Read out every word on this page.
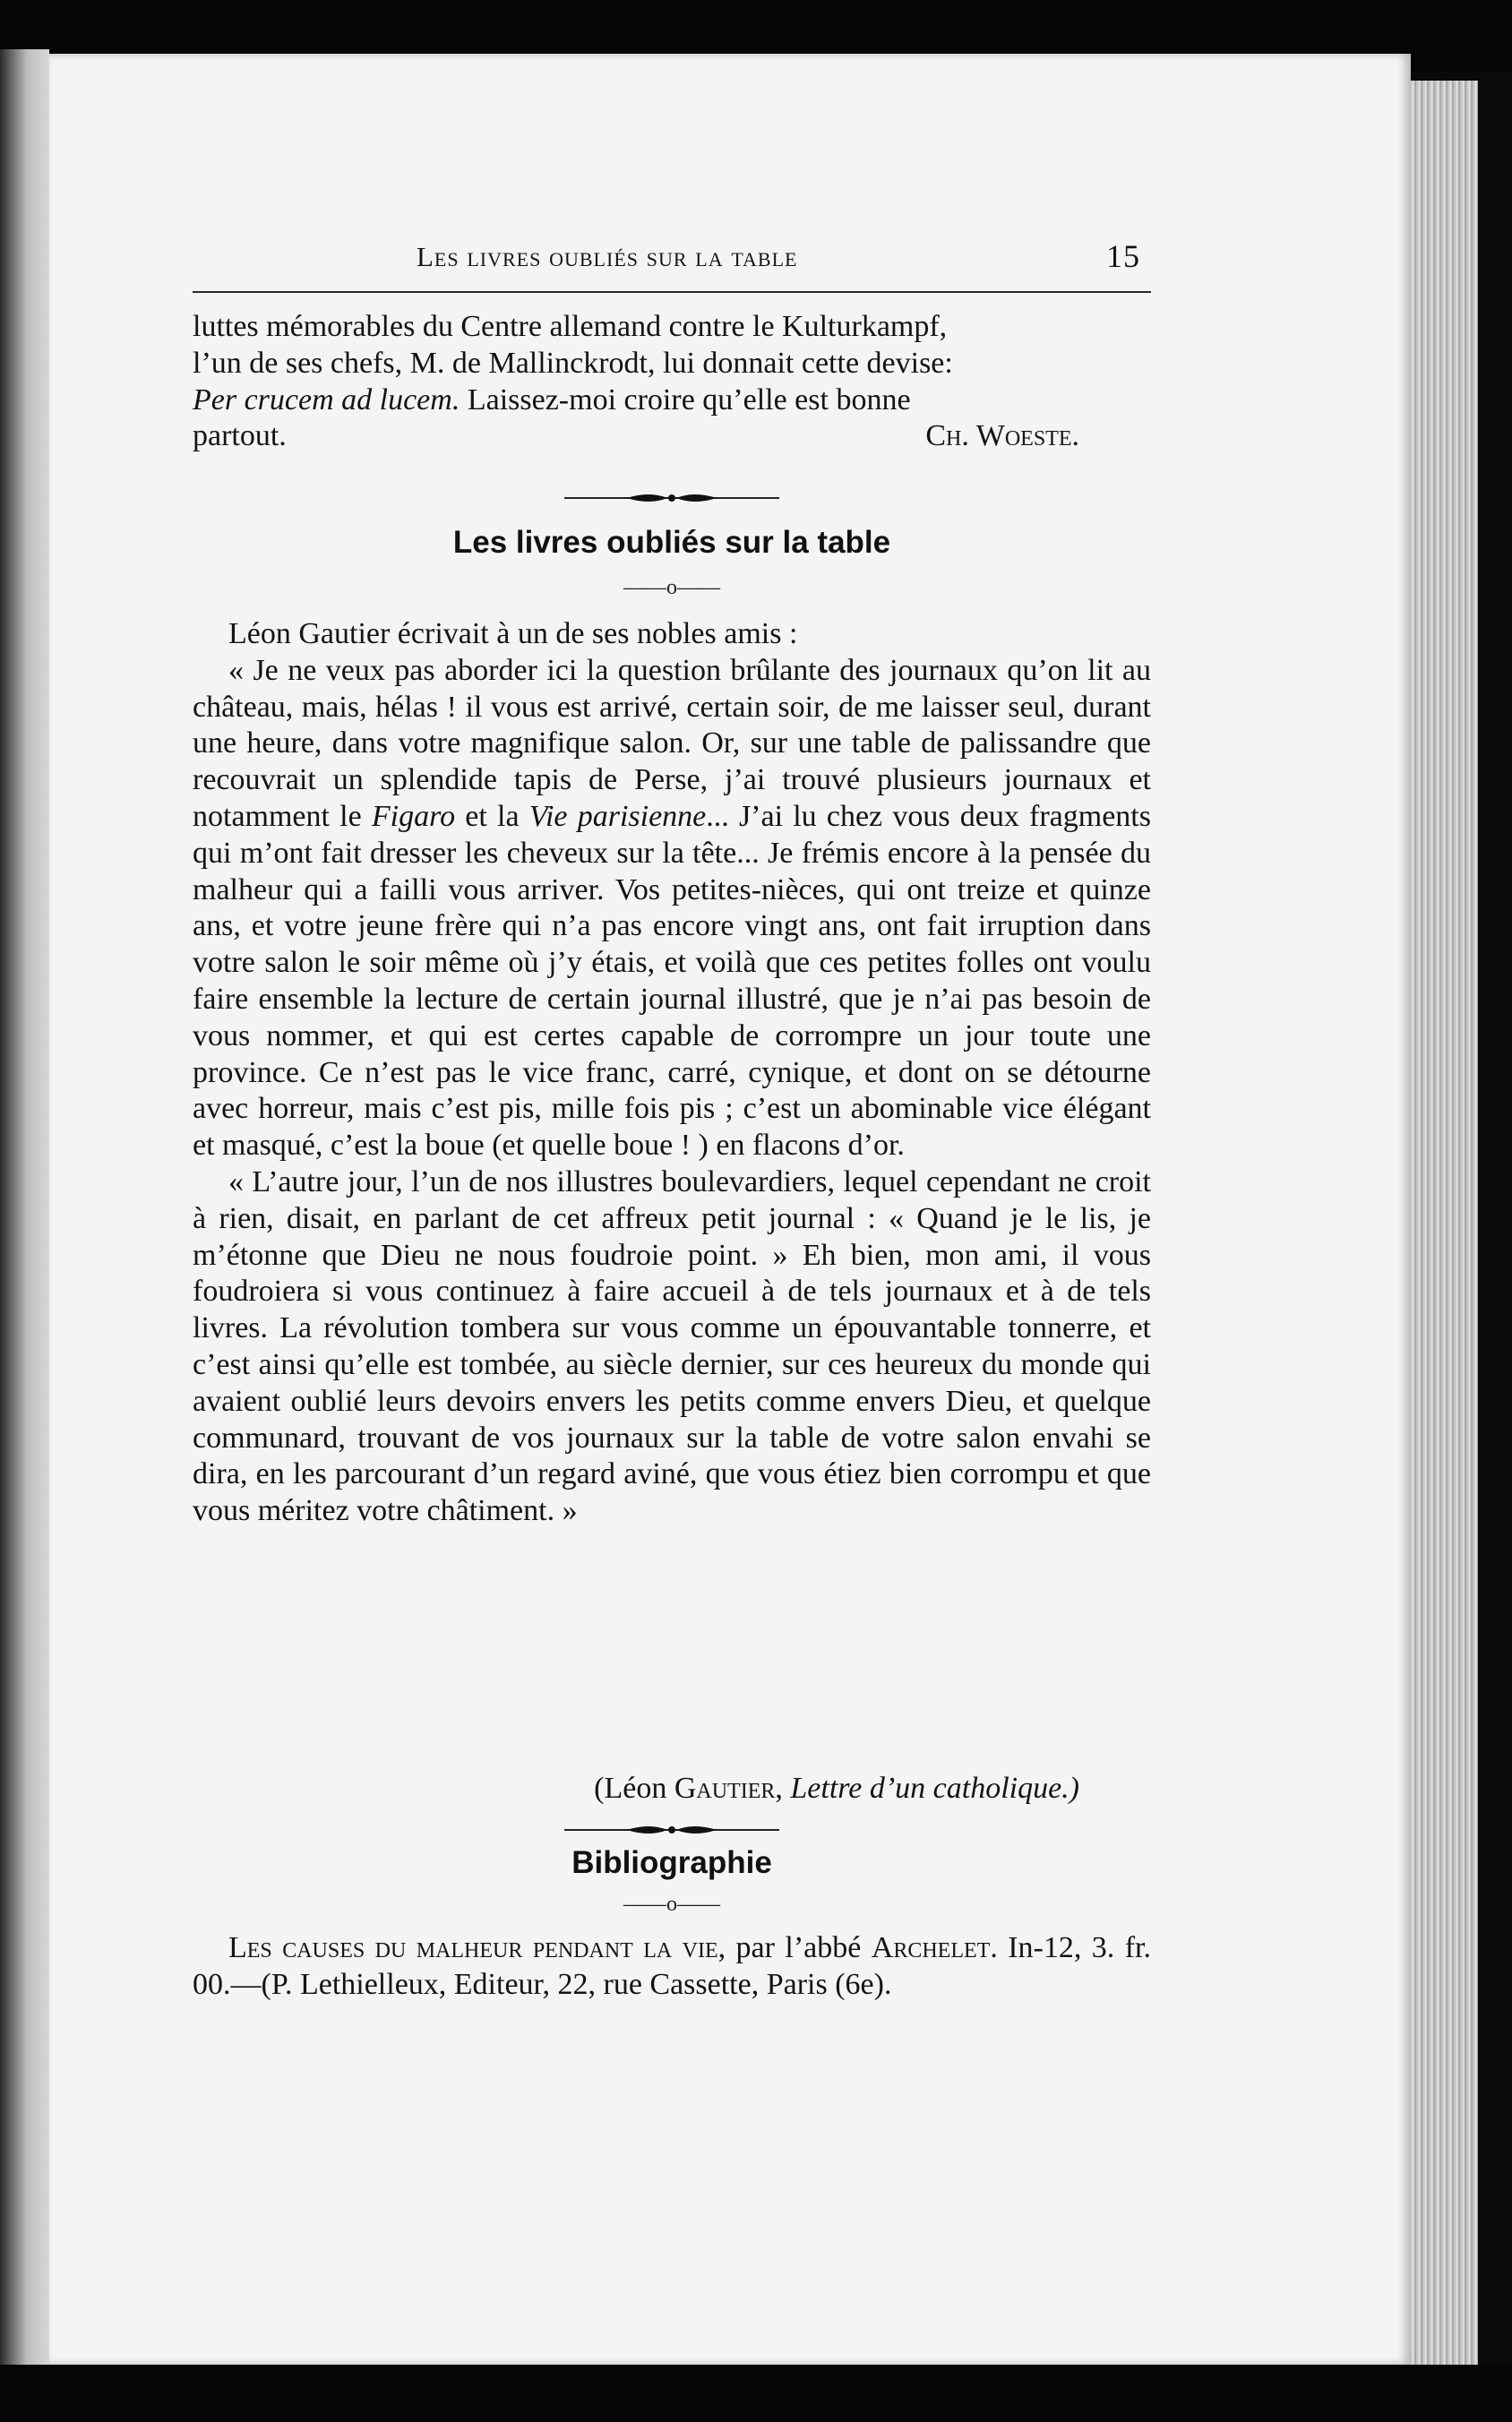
Les livres oubliés sur la table	15

luttes mémorables du Centre allemand contre le Kulturkampf,

l’un de ses chefs, M. de Mallinckrodt, lui donnait cette devise:

Per crucem ad lucem. Laissez-moi croire qu’elle est bonne

partout.	Ch. Woeste.

Les livres oubliés sur la table
——o——

Léon Gautier écrivait à un de ses nobles amis :

« Je ne veux pas aborder ici la question brûlante des journaux qu’on lit au château, mais, hélas ! il vous est arrivé, certain soir, de me laisser seul, durant une heure, dans votre magnifique salon. Or, sur une table de palissandre que recouvrait un splendide tapis de Perse, j’ai trouvé plusieurs journaux et notamment le Figaro et la Vie parisienne... J’ai lu chez vous deux fragments qui m’ont fait dresser les cheveux sur la tête... Je frémis encore à la pensée du malheur qui a failli vous arriver. Vos petites-nièces, qui ont treize et quinze ans, et votre jeune frère qui n’a pas encore vingt ans, ont fait irruption dans votre salon le soir même où j’y étais, et voilà que ces petites folles ont voulu faire ensemble la lecture de certain journal illustré, que je n’ai pas besoin de vous nommer, et qui est certes capable de corrompre un jour toute une province. Ce n’est pas le vice franc, carré, cynique, et dont on se détourne avec horreur, mais c’est pis, mille fois pis ; c’est un abominable vice élégant et masqué, c’est la boue (et quelle boue ! ) en flacons d’or.

« L’autre jour, l’un de nos illustres boulevardiers, lequel cependant ne croit à rien, disait, en parlant de cet affreux petit journal : « Quand je le lis, je m’étonne que Dieu ne nous foudroie point. » Eh bien, mon ami, il vous foudroiera si vous continuez à faire accueil à de tels journaux et à de tels livres. La révolution tombera sur vous comme un épouvantable tonnerre, et c’est ainsi qu’elle est tombée, au siècle dernier, sur ces heureux du monde qui avaient oublié leurs devoirs envers les petits comme envers Dieu, et quelque communard, trouvant de vos journaux sur la table de votre salon envahi se dira, en les parcourant d’un regard aviné, que vous étiez bien corrompu et que vous méritez votre châtiment. »

(Léon Gautier, Lettre d’un catholique.)
Bibliographie
——o——

Les causes du malheur pendant la vie, par l’abbé Archelet. In-12, 3. fr. 00.—(P. Lethielleux, Editeur, 22, rue Cassette, Paris (6e).
